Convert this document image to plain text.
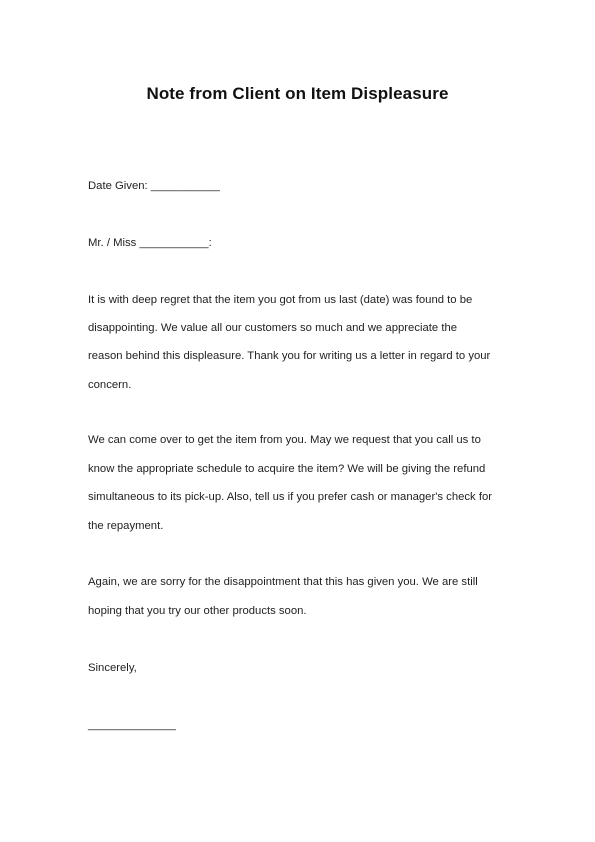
Note from Client on Item Displeasure
Date Given: ___________
Mr. / Miss ___________:
It is with deep regret that the item you got from us last (date) was found to be
disappointing. We value all our customers so much and we appreciate the
reason behind this displeasure. Thank you for writing us a letter in regard to your
concern.
We can come over to get the item from you. May we request that you call us to
know the appropriate schedule to acquire the item? We will be giving the refund
simultaneous to its pick-up. Also, tell us if you prefer cash or manager's check for
the repayment.
Again, we are sorry for the disappointment that this has given you. We are still
hoping that you try our other products soon.
Sincerely,
______________
